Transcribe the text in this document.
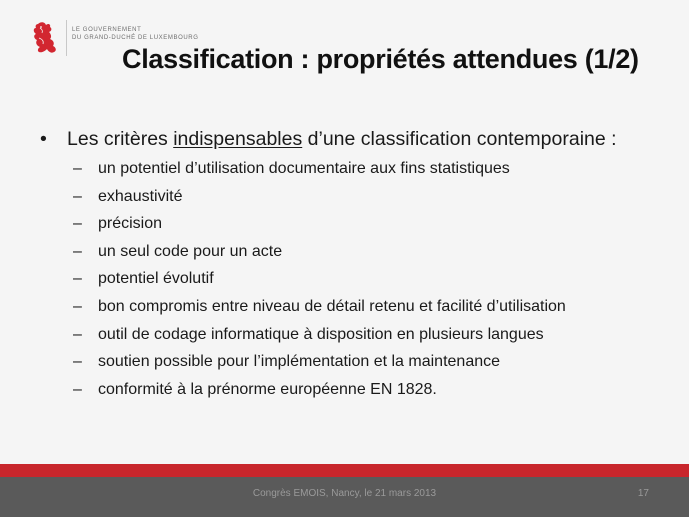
LE GOUVERNEMENT
DU GRAND-DUCHÉ DE LUXEMBOURG
Classification : propriétés attendues (1/2)
• Les critères indispensables d’une classification contemporaine :
– un potentiel d’utilisation documentaire aux fins statistiques
– exhaustivité
– précision
– un seul code pour un acte
– potentiel évolutif
– bon compromis entre niveau de détail retenu et facilité d’utilisation
– outil de codage informatique à disposition en plusieurs langues
– soutien possible pour l’implémentation et la maintenance
– conformité à la prénorme européenne EN 1828.
Congrès EMOIS, Nancy, le 21 mars 2013	17
